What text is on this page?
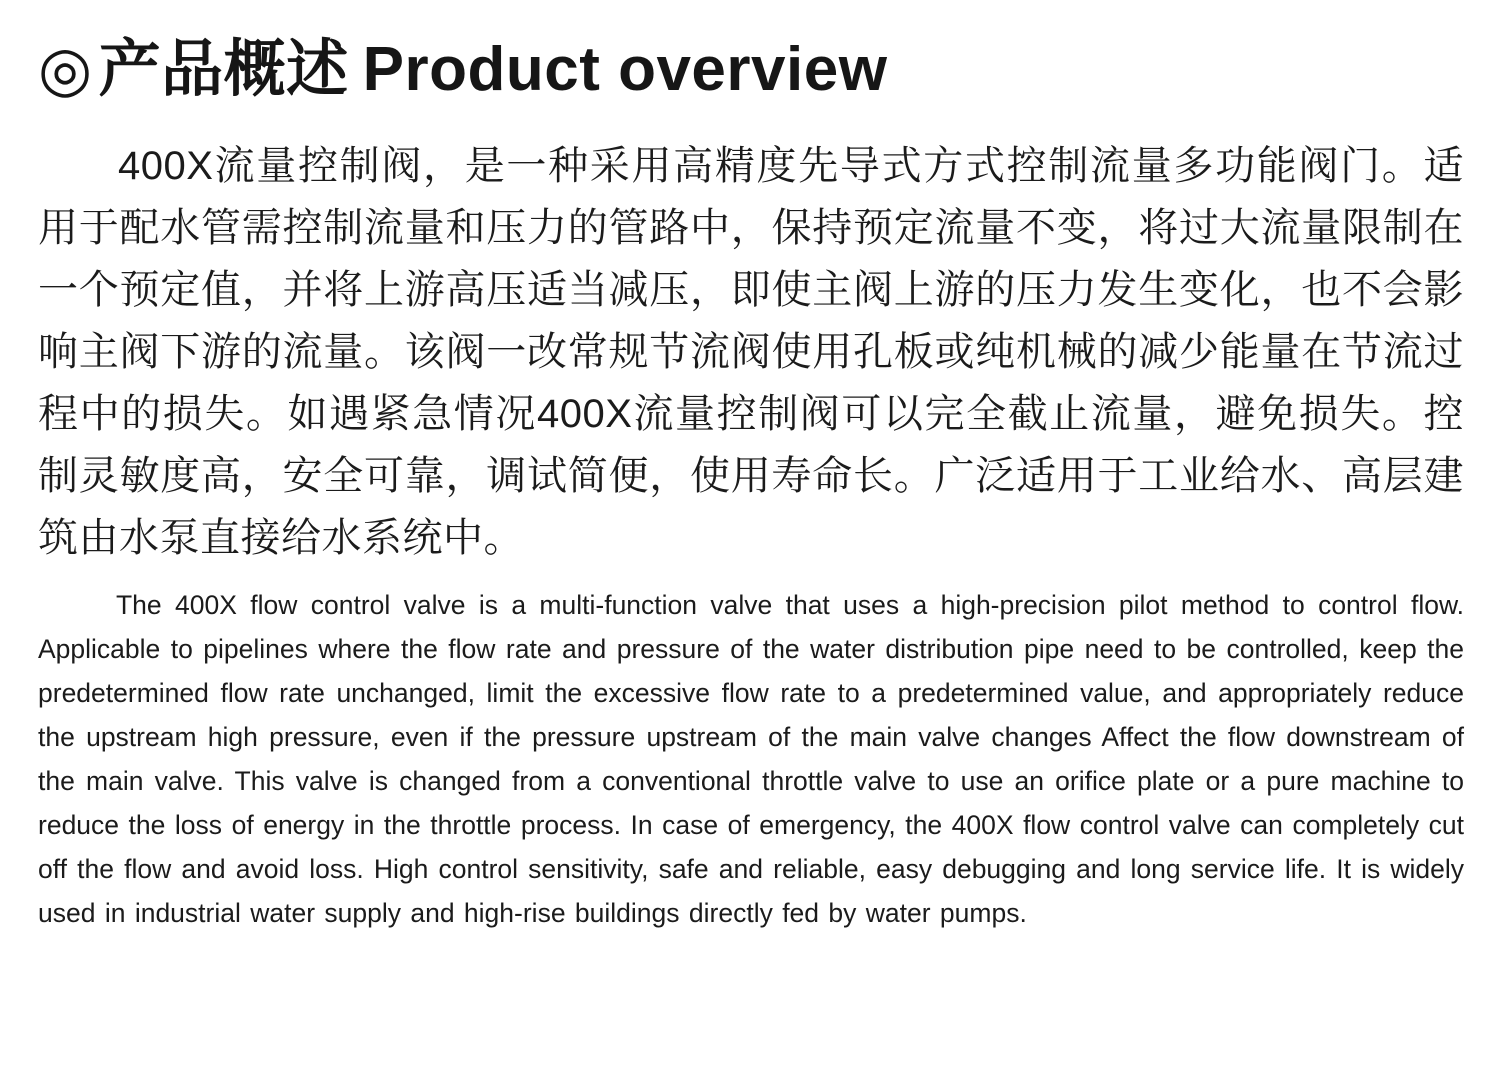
◎产品概述 Product overview

400X流量控制阀，是一种采用高精度先导式方式控制流量多功能阀门。适用于配水管需控制流量和压力的管路中，保持预定流量不变，将过大流量限制在一个预定值，并将上游高压适当减压，即使主阀上游的压力发生变化，也不会影响主阀下游的流量。该阀一改常规节流阀使用孔板或纯机械的减少能量在节流过程中的损失。如遇紧急情况400X流量控制阀可以完全截止流量，避免损失。控制灵敏度高，安全可靠，调试简便，使用寿命长。广泛适用于工业给水、高层建筑由水泵直接给水系统中。

The 400X flow control valve is a multi-function valve that uses a high-precision pilot method to control flow. Applicable to pipelines where the flow rate and pressure of the water distribution pipe need to be controlled, keep the predetermined flow rate unchanged, limit the excessive flow rate to a predetermined value, and appropriately reduce the upstream high pressure, even if the pressure upstream of the main valve changes Affect the flow downstream of the main valve. This valve is changed from a conventional throttle valve to use an orifice plate or a pure machine to reduce the loss of energy in the throttle process. In case of emergency, the 400X flow control valve can completely cut off the flow and avoid loss. High control sensitivity, safe and reliable, easy debugging and long service life. It is widely used in industrial water supply and high-rise buildings directly fed by water pumps.
